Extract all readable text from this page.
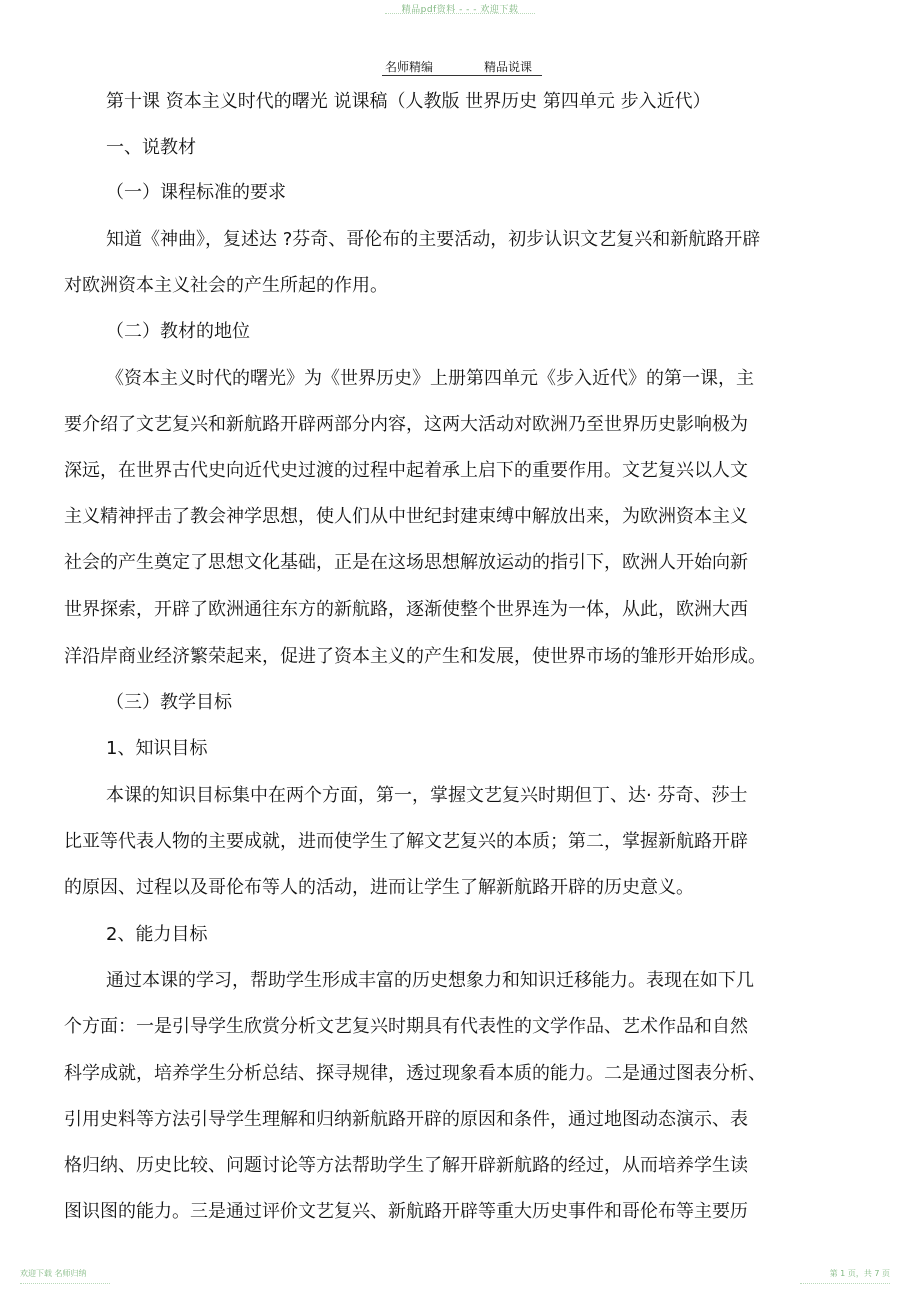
精品pdf资料 - - - 欢迎下载
名师精编	精品说课
第十课 资本主义时代的曙光 说课稿（人教版 世界历史 第四单元 步入近代）
一、说教材
（一）课程标准的要求
知道《神曲》，复述达 ?芬奇、哥伦布的主要活动，初步认识文艺复兴和新航路开辟
对欧洲资本主义社会的产生所起的作用。
（二）教材的地位
《资本主义时代的曙光》为《世界历史》上册第四单元《步入近代》的第一课，主
要介绍了文艺复兴和新航路开辟两部分内容，这两大活动对欧洲乃至世界历史影响极为
深远，在世界古代史向近代史过渡的过程中起着承上启下的重要作用。文艺复兴以人文
主义精神抨击了教会神学思想，使人们从中世纪封建束缚中解放出来，为欧洲资本主义
社会的产生奠定了思想文化基础，正是在这场思想解放运动的指引下，欧洲人开始向新
世界探索，开辟了欧洲通往东方的新航路，逐渐使整个世界连为一体，从此，欧洲大西
洋沿岸商业经济繁荣起来，促进了资本主义的产生和发展，使世界市场的雏形开始形成。
（三）教学目标
1、知识目标
本课的知识目标集中在两个方面，第一，掌握文艺复兴时期但丁、达· 芬奇、莎士
比亚等代表人物的主要成就，进而使学生了解文艺复兴的本质；第二，掌握新航路开辟
的原因、过程以及哥伦布等人的活动，进而让学生了解新航路开辟的历史意义。
2、能力目标
通过本课的学习，帮助学生形成丰富的历史想象力和知识迁移能力。表现在如下几
个方面：一是引导学生欣赏分析文艺复兴时期具有代表性的文学作品、艺术作品和自然
科学成就，培养学生分析总结、探寻规律，透过现象看本质的能力。二是通过图表分析、
引用史料等方法引导学生理解和归纳新航路开辟的原因和条件，通过地图动态演示、表
格归纳、历史比较、问题讨论等方法帮助学生了解开辟新航路的经过，从而培养学生读
图识图的能力。三是通过评价文艺复兴、新航路开辟等重大历史事件和哥伦布等主要历
欢迎下载 名师归纳	第 1 页，共 7 页
